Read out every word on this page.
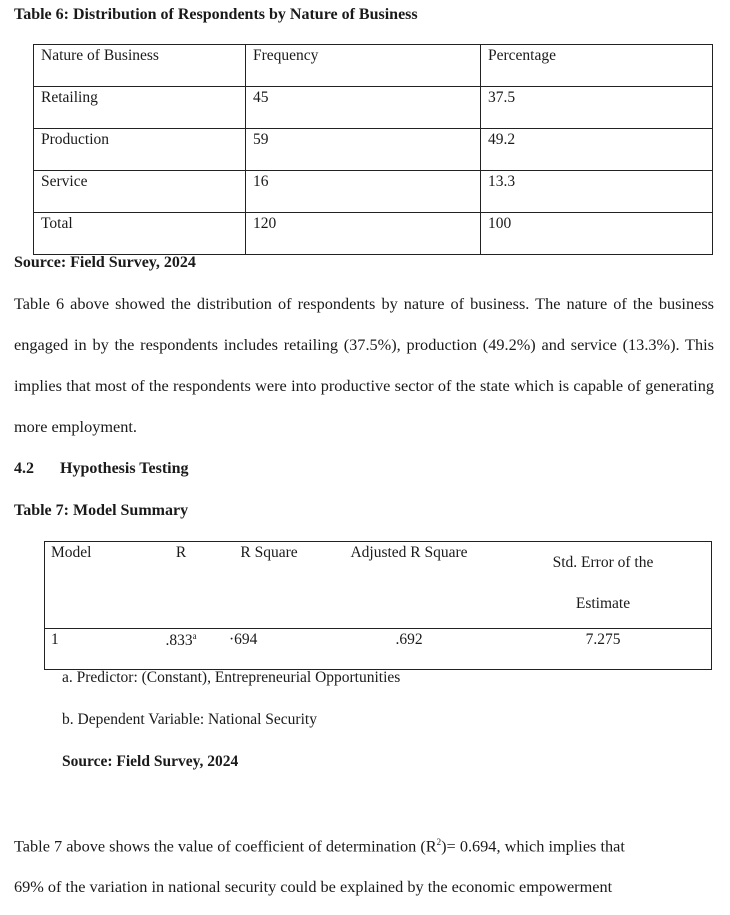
Table 6: Distribution of Respondents by Nature of Business
Nature of Business	Frequency	Percentage
Retailing	45	37.5
Production	59	49.2
Service	16	13.3
Total	120	100
Source: Field Survey, 2024
Table 6 above showed the distribution of respondents by nature of business. The nature of the business engaged in by the respondents includes retailing (37.5%), production (49.2%) and service (13.3%). This implies that most of the respondents were into productive sector of the state which is capable of generating more employment.
4.2 Hypothesis Testing
Table 7: Model Summary
Model	R	R Square	Adjusted R Square	Std. Error of the
Estimate

1	.833$^a$	·694	.692	7.275
a. Predictor: (Constant), Entrepreneurial Opportunities
b. Dependent Variable: National Security
Source: Field Survey, 2024
Table 7 above shows the value of coefficient of determination $(R^2)= 0.694$, which implies that
69% of the variation in national security could be explained by the economic empowerment
